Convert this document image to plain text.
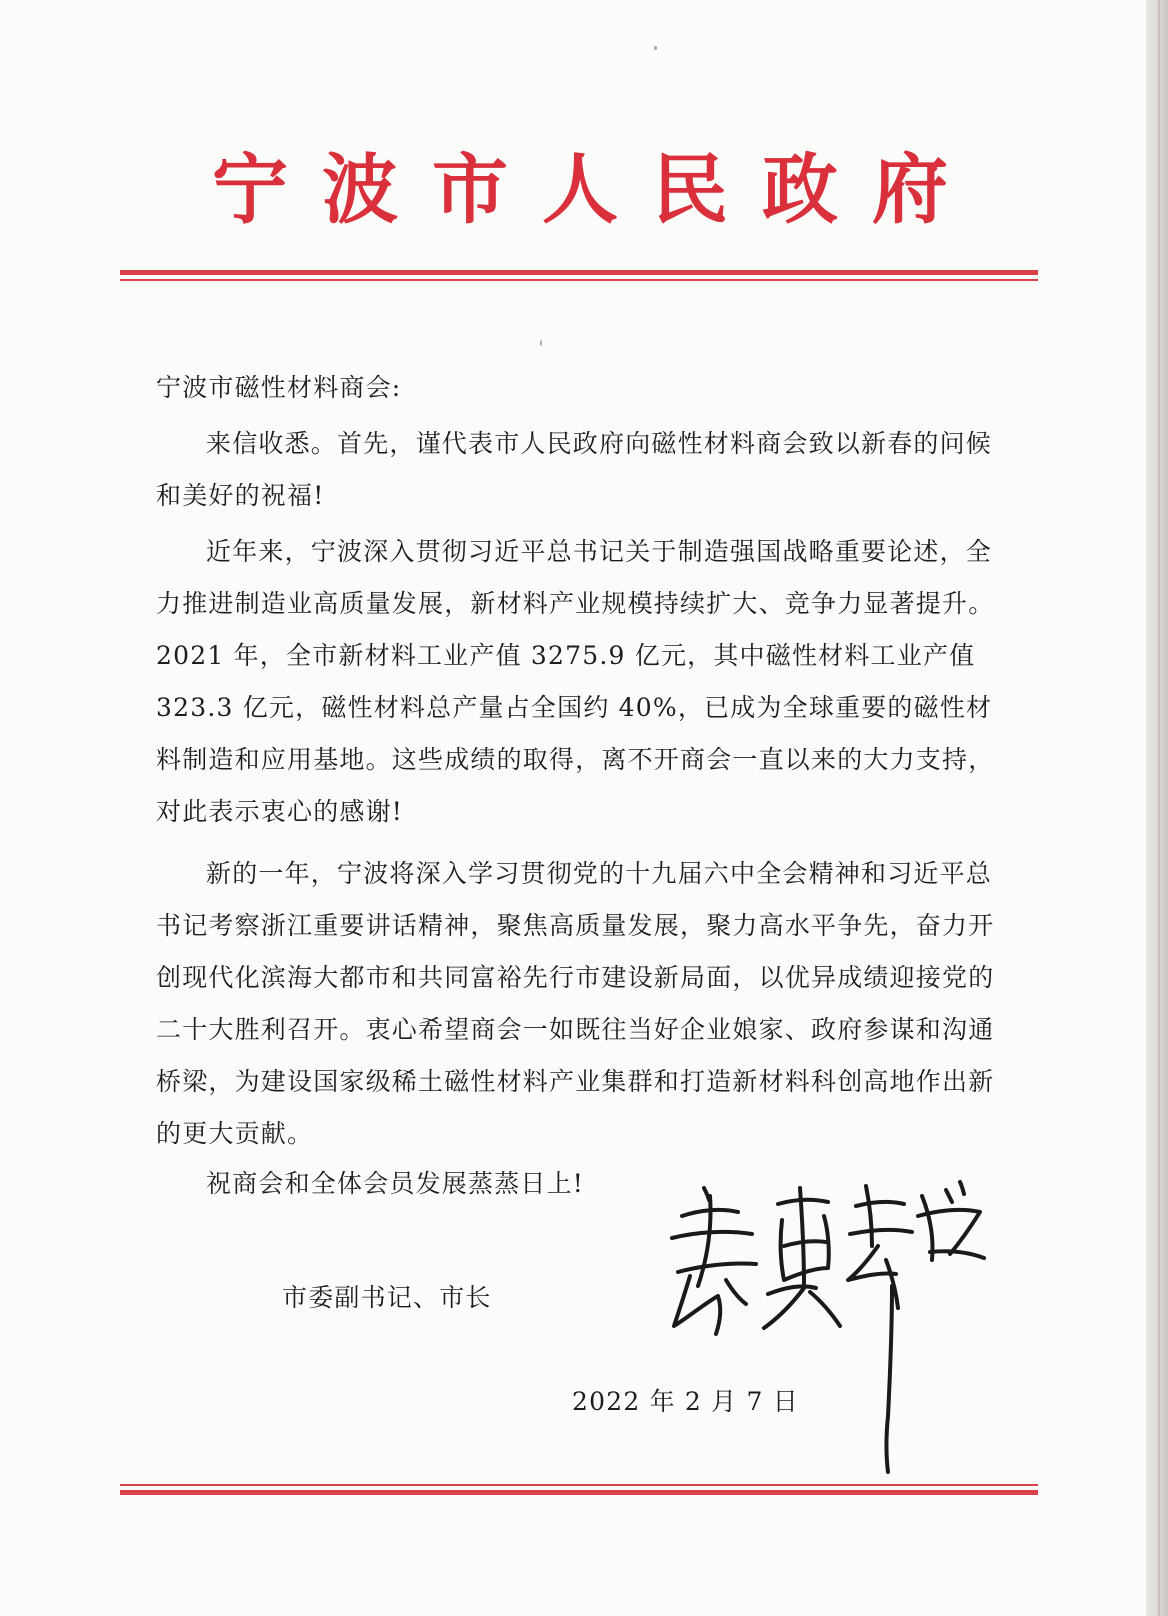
宁波市人民政府
宁波市磁性材料商会:

来信收悉。首先，谨代表市人民政府向磁性材料商会致以新春的问候和美好的祝福!

近年来，宁波深入贯彻习近平总书记关于制造强国战略重要论述，全力推进制造业高质量发展，新材料产业规模持续扩大、竞争力显著提升。2021 年，全市新材料工业产值 3275.9 亿元，其中磁性材料工业产值 323.3 亿元，磁性材料总产量占全国约 40%，已成为全球重要的磁性材料制造和应用基地。这些成绩的取得，离不开商会一直以来的大力支持，对此表示衷心的感谢!

新的一年，宁波将深入学习贯彻党的十九届六中全会精神和习近平总书记考察浙江重要讲话精神，聚焦高质量发展，聚力高水平争先，奋力开创现代化滨海大都市和共同富裕先行市建设新局面，以优异成绩迎接党的二十大胜利召开。衷心希望商会一如既往当好企业娘家、政府参谋和沟通桥梁，为建设国家级稀土磁性材料产业集群和打造新材料科创高地作出新的更大贡献。

祝商会和全体会员发展蒸蒸日上!

市委副书记、市长
2022 年 2 月 7 日
